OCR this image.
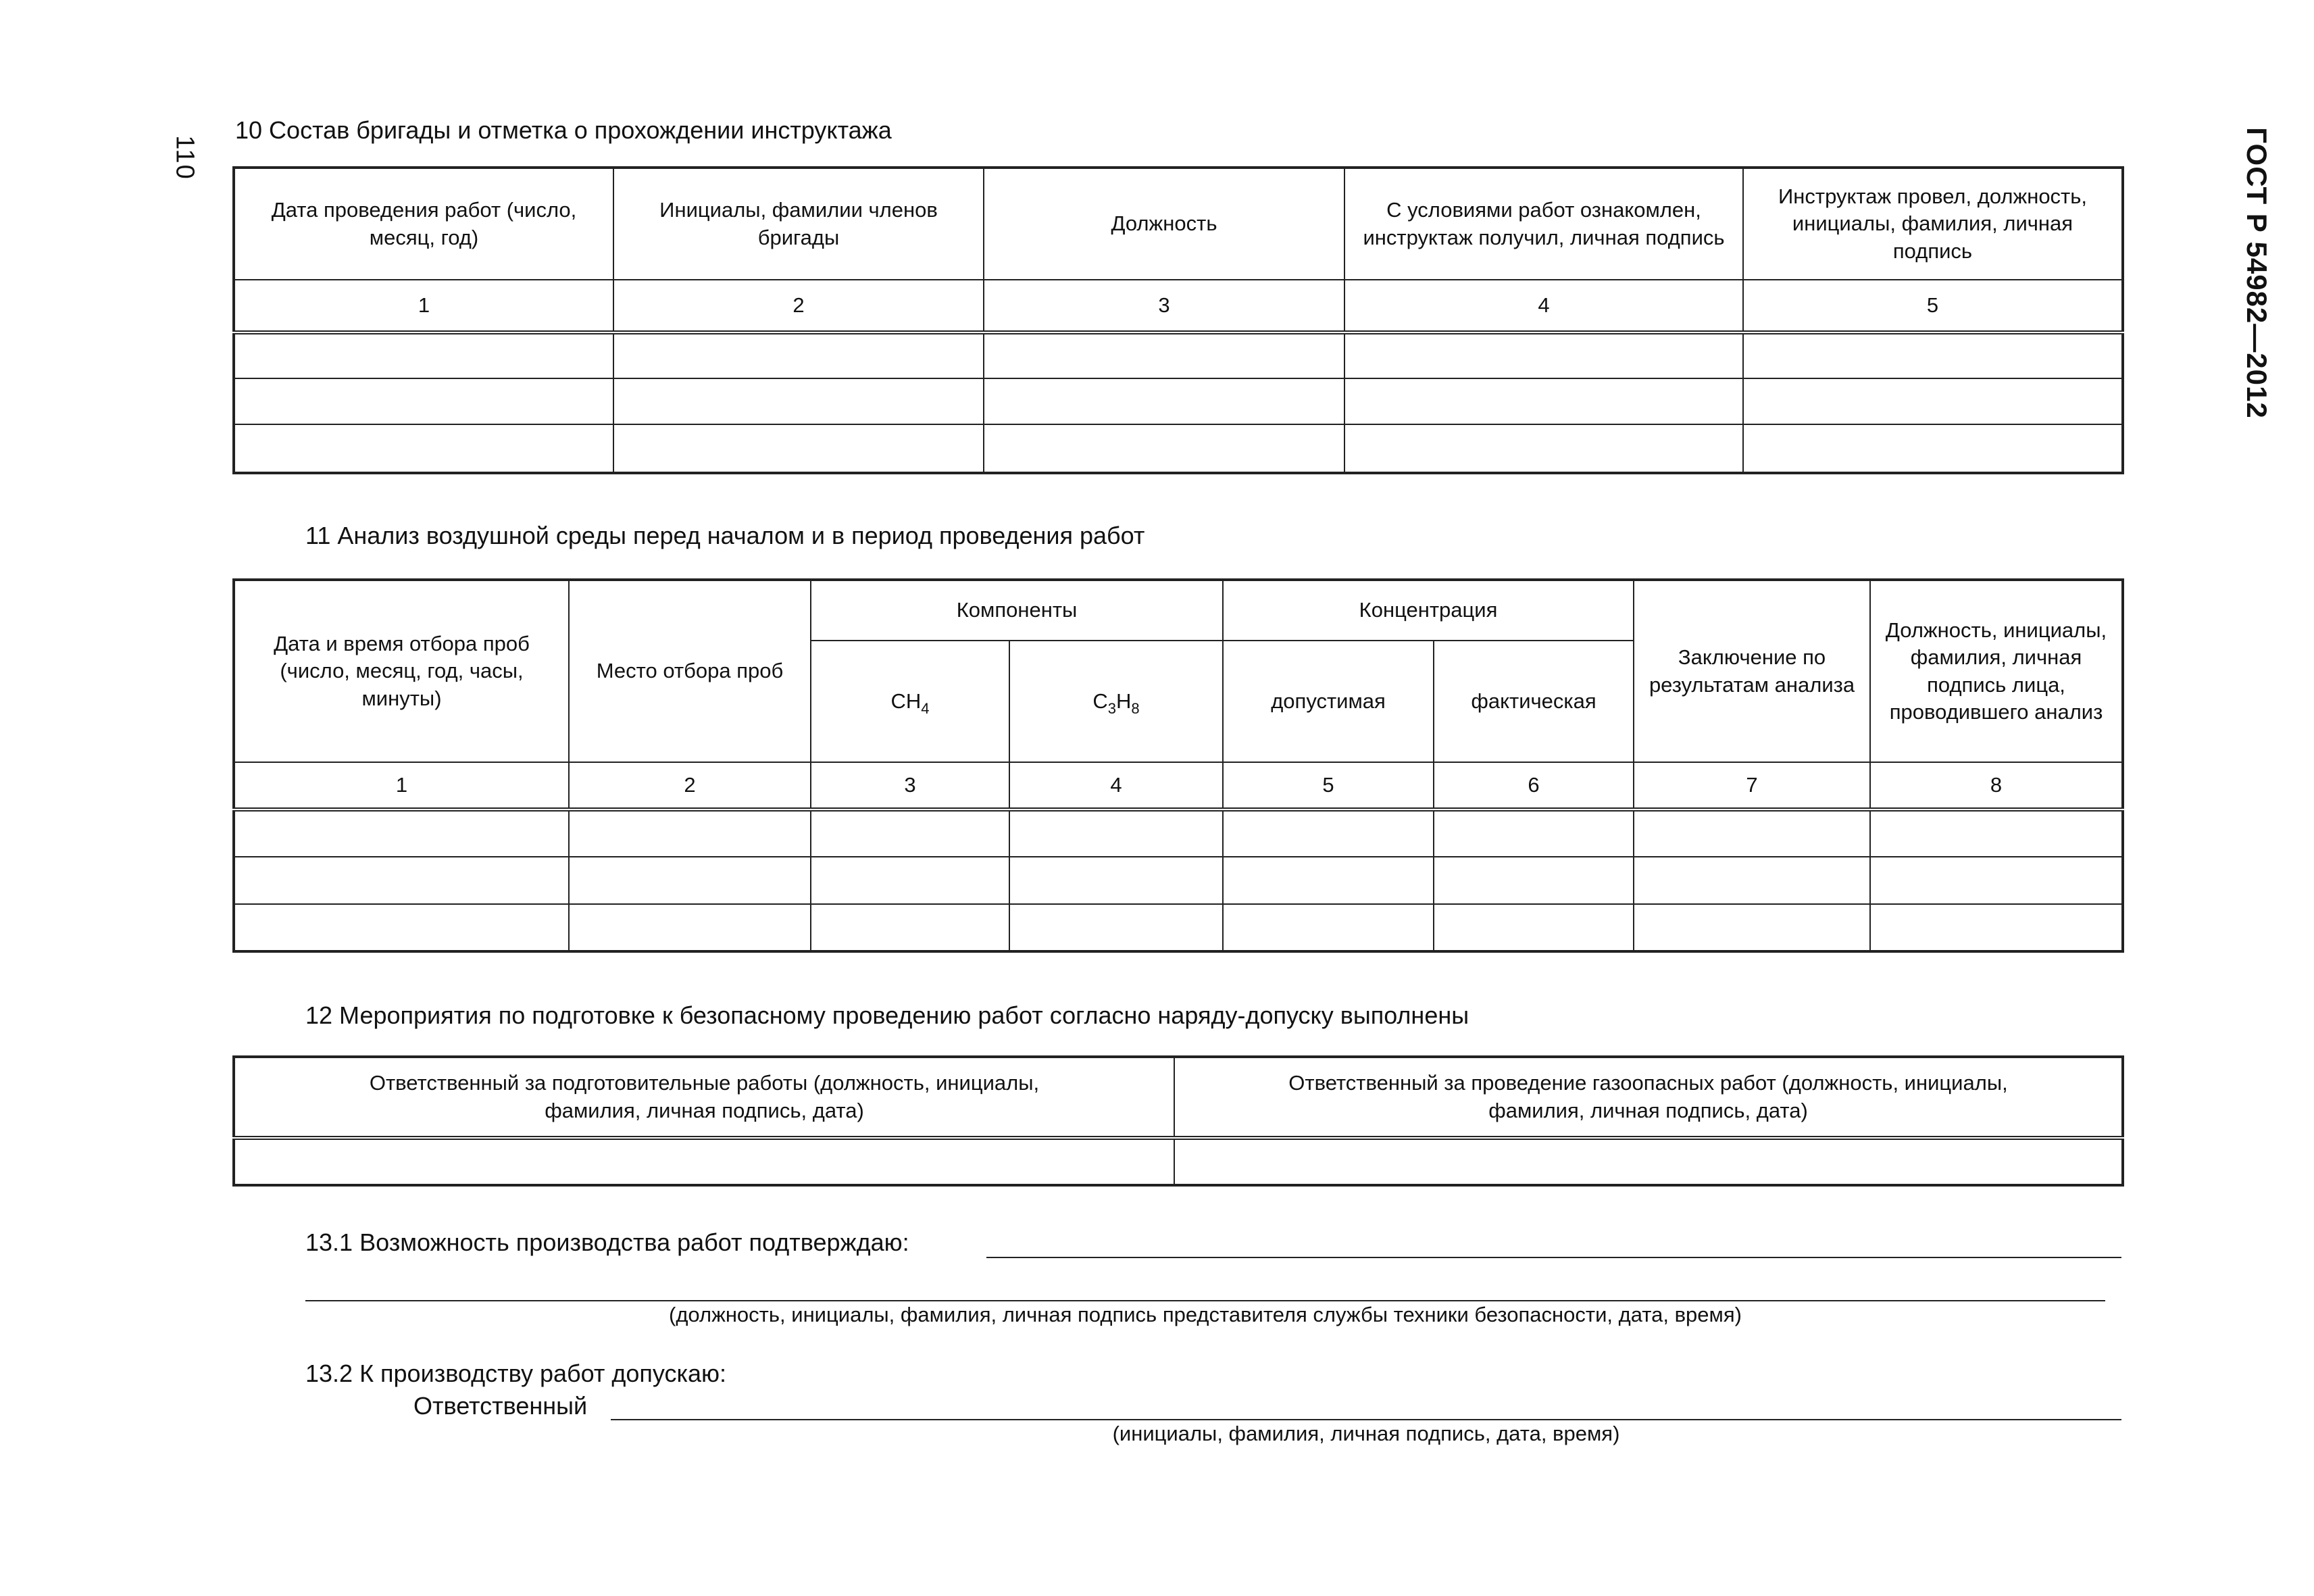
110	ГОСТ Р 54982—2012
10 Состав бригады и отметка о прохождении инструктажа
Дата проведения работ (число, месяц, год)	Инициалы, фамилии членов бригады	Должность	С условиями работ ознакомлен, инструктаж получил, личная подпись	Инструктаж провел, должность, инициалы, фамилия, личная подпись
1	2	3	4	5

11 Анализ воздушной среды перед началом и в период проведения работ
Дата и время отбора проб (число, месяц, год, часы, минуты)	Место отбора проб	Компоненты		Концентрация		Заключение по результатам анализа	Должность, инициалы, фамилия, личная подпись лица, проводившего анализ
		$CH_4$	$C_3H_8$	допустимая	фактическая		
1	2	3	4	5	6	7	8

12 Мероприятия по подготовке к безопасному проведению работ согласно наряду-допуску выполнены
Ответственный за подготовительные работы (должность, инициалы, фамилия, личная подпись, дата)	Ответственный за проведение газоопасных работ (должность, инициалы, фамилия, личная подпись, дата)

13.1 Возможность производства работ подтверждаю:
(должность, инициалы, фамилия, личная подпись представителя службы техники безопасности, дата, время)
13.2 К производству работ допускаю:
Ответственный
(инициалы, фамилия, личная подпись, дата, время)
